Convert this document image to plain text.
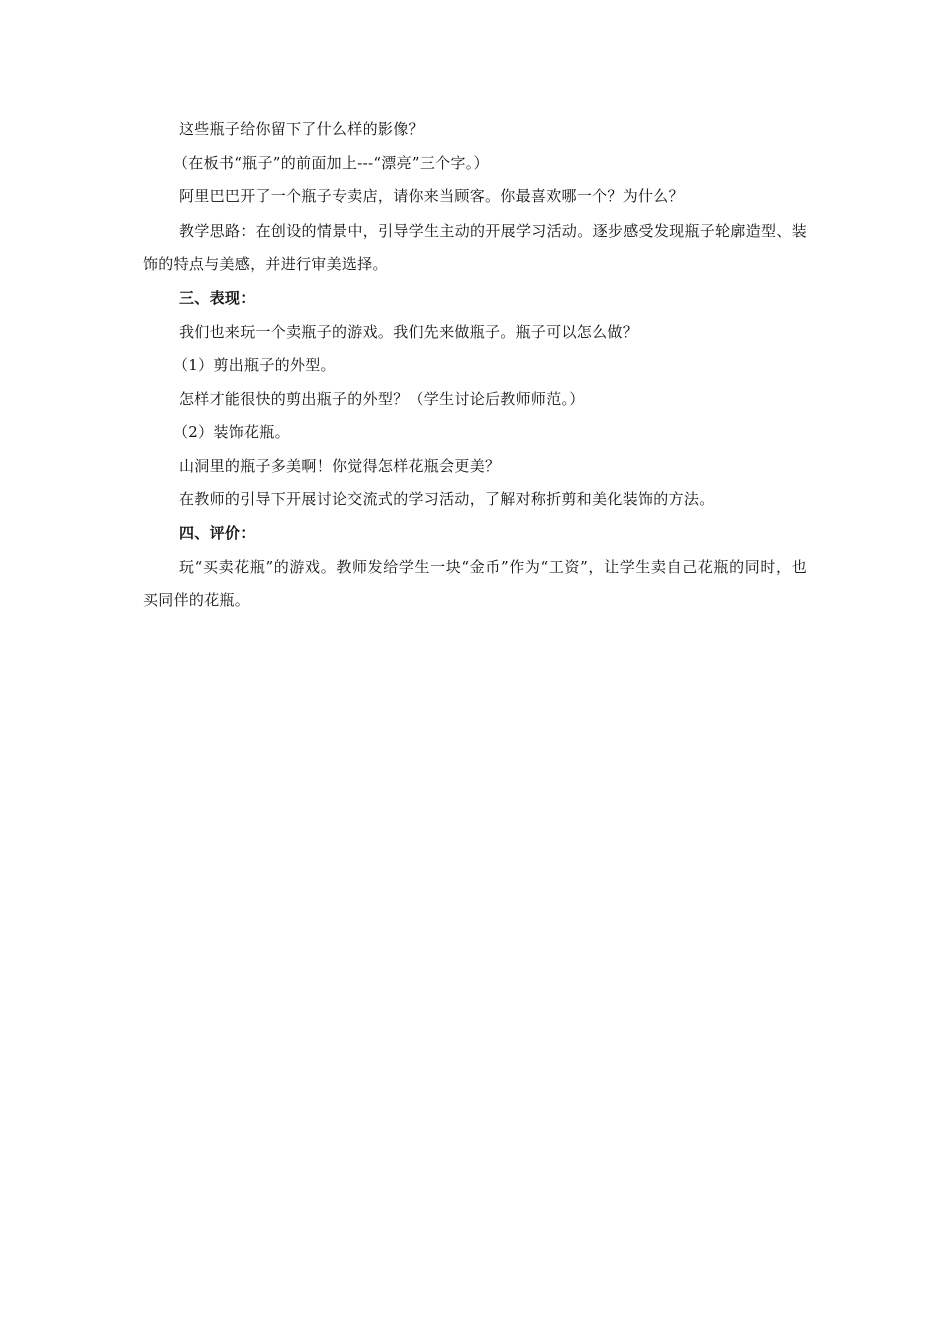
这些瓶子给你留下了什么样的影像？

（在板书“瓶子”的前面加上---“漂亮”三个字。）

阿里巴巴开了一个瓶子专卖店，请你来当顾客。你最喜欢哪一个？为什么？

教学思路：在创设的情景中，引导学生主动的开展学习活动。逐步感受发现瓶子轮廓造型、装饰的特点与美感，并进行审美选择。

三、表现：

我们也来玩一个卖瓶子的游戏。我们先来做瓶子。瓶子可以怎么做？

（1）剪出瓶子的外型。

怎样才能很快的剪出瓶子的外型？（学生讨论后教师师范。）

（2）装饰花瓶。

山洞里的瓶子多美啊！你觉得怎样花瓶会更美？

在教师的引导下开展讨论交流式的学习活动，了解对称折剪和美化装饰的方法。

四、评价：

玩“买卖花瓶”的游戏。教师发给学生一块“金币”作为“工资”，让学生卖自己花瓶的同时，也买同伴的花瓶。
